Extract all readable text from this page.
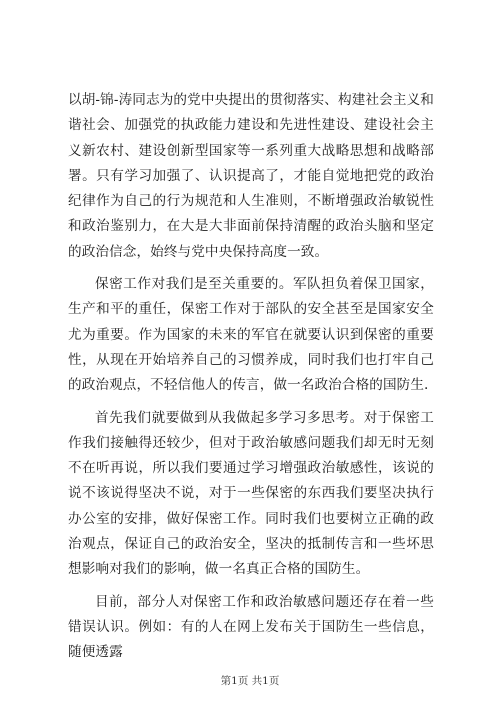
以胡-锦-涛同志为的党中央提出的贯彻落实、构建社会主义和谐社会、加强党的执政能力建设和先进性建设、建设社会主义新农村、建设创新型国家等一系列重大战略思想和战略部署。只有学习加强了、认识提高了，才能自觉地把党的政治纪律作为自己的行为规范和人生准则，不断增强政治敏锐性和政治鉴别力，在大是大非面前保持清醒的政治头脑和坚定的政治信念，始终与党中央保持高度一致。

保密工作对我们是至关重要的。军队担负着保卫国家，生产和平的重任，保密工作对于部队的安全甚至是国家安全尤为重要。作为国家的未来的军官在就要认识到保密的重要性，从现在开始培养自己的习惯养成，同时我们也打牢自己的政治观点，不轻信他人的传言，做一名政治合格的国防生.

首先我们就要做到从我做起多学习多思考。对于保密工作我们接触得还较少，但对于政治敏感问题我们却无时无刻不在听再说，所以我们要通过学习增强政治敏感性，该说的说不该说得坚决不说，对于一些保密的东西我们要坚决执行办公室的安排，做好保密工作。同时我们也要树立正确的政治观点，保证自己的政治安全，坚决的抵制传言和一些坏思想影响对我们的影响，做一名真正合格的国防生。

目前，部分人对保密工作和政治敏感问题还存在着一些错误认识。例如：有的人在网上发布关于国防生一些信息，随便透露

第1页 共1页
